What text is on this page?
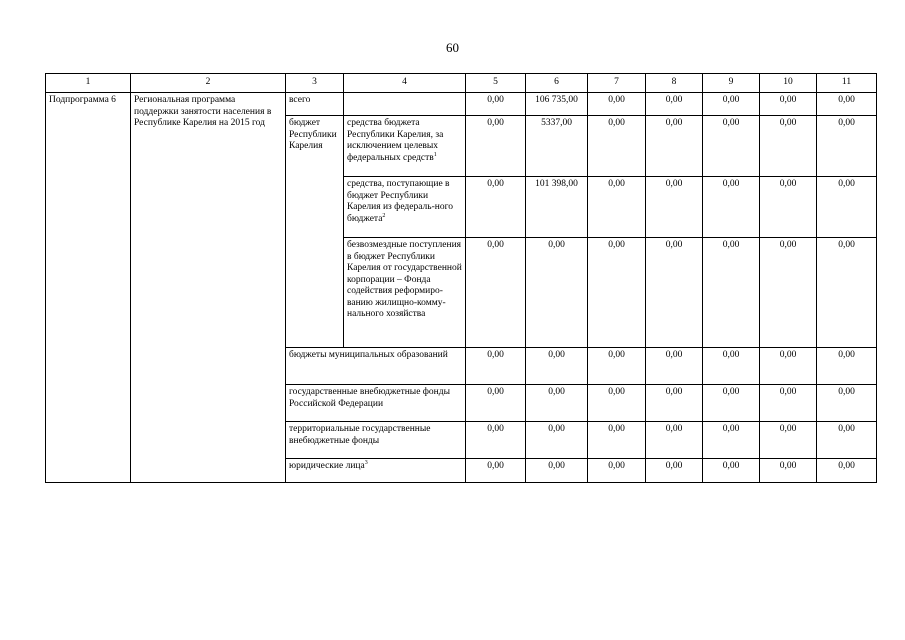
60
1	2	3	4	5	6	7	8	9	10	11
Подпрограмма 6	Региональная программа поддержки занятости населения в Республике Карелия на 2015 год	всего		0,00	106 735,00	0,00	0,00	0,00	0,00	0,00
		бюджет Республики Карелия	средства бюджета Республики Карелия, за исключением целевых федеральных средств$^1$	0,00	5337,00	0,00	0,00	0,00	0,00	0,00
			средства, поступающие в бюджет Республики Карелия из федераль-ного бюджета$^2$	0,00	101 398,00	0,00	0,00	0,00	0,00	0,00
			безвозмездные поступления в бюджет Республики Карелия от государственной корпорации – Фонда содействия реформиро-ванию жилищно-комму-нального хозяйства	0,00	0,00	0,00	0,00	0,00	0,00	0,00
		бюджеты муниципальных образований		0,00	0,00	0,00	0,00	0,00	0,00	0,00
		государственные внебюджетные фонды Российской Федерации		0,00	0,00	0,00	0,00	0,00	0,00	0,00
		территориальные государственные внебюджетные фонды		0,00	0,00	0,00	0,00	0,00	0,00	0,00
		юридические лица$^3$		0,00	0,00	0,00	0,00	0,00	0,00	0,00
